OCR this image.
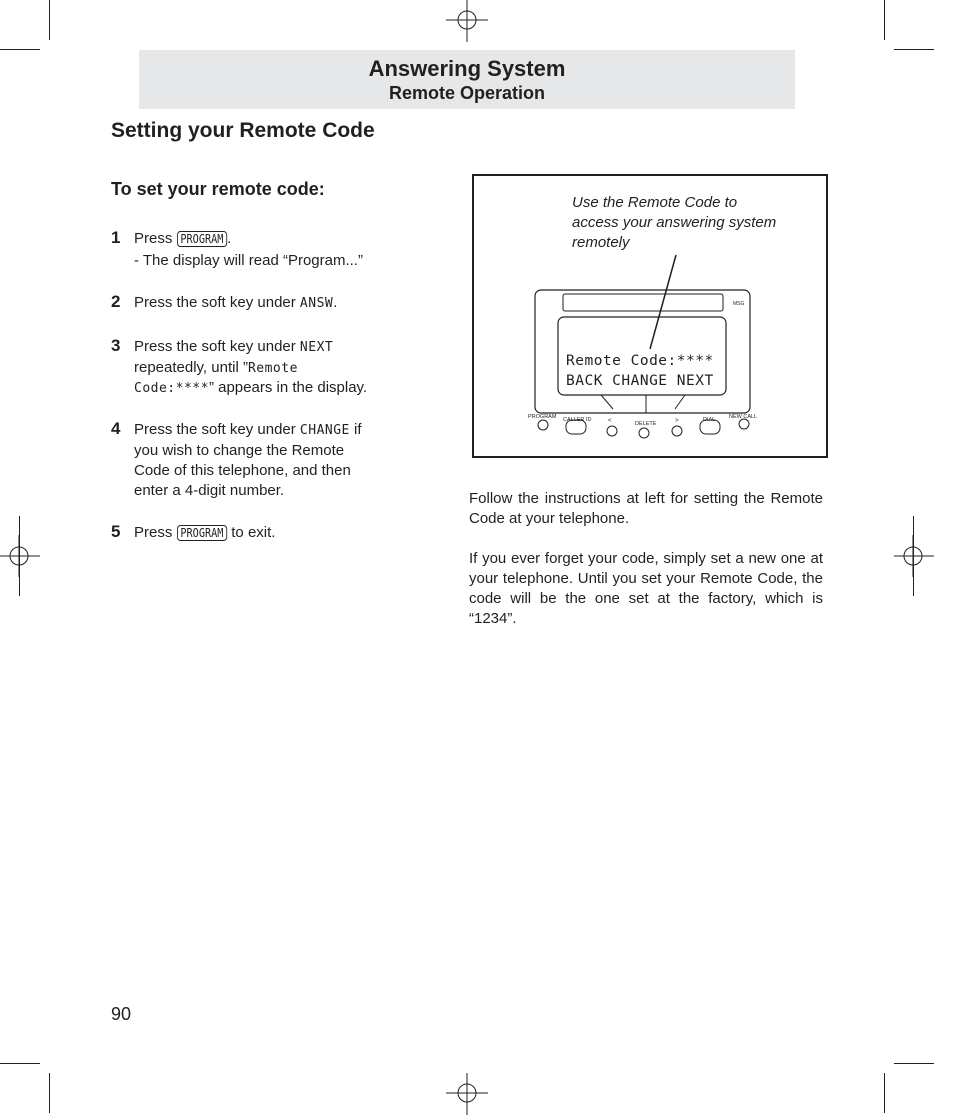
Answering System
Remote Operation
Setting your Remote Code
To set your remote code:
1 Press PROGRAM .
- The display will read “Program...”
2 Press the soft key under ANSW.
3 Press the soft key under NEXT
repeatedly, until ”Remote
Code:****” appears in the display.
4 Press the soft key under CHANGE if
you wish to change the Remote
Code of this telephone, and then
enter a 4-digit number.
5 Press PROGRAM to exit.
Use the Remote Code to access your answering system remotely
Remote Code:****
BACK CHANGE NEXT
MSG
PROGRAM CALLER ID	<	DELETE	>	DIAL	NEW CALL
Follow the instructions at left for setting the Remote Code at your telephone.
If you ever forget your code, simply set a new one at your telephone. Until you set your Remote Code, the code will be the one set at the factory, which is “1234”.
90
